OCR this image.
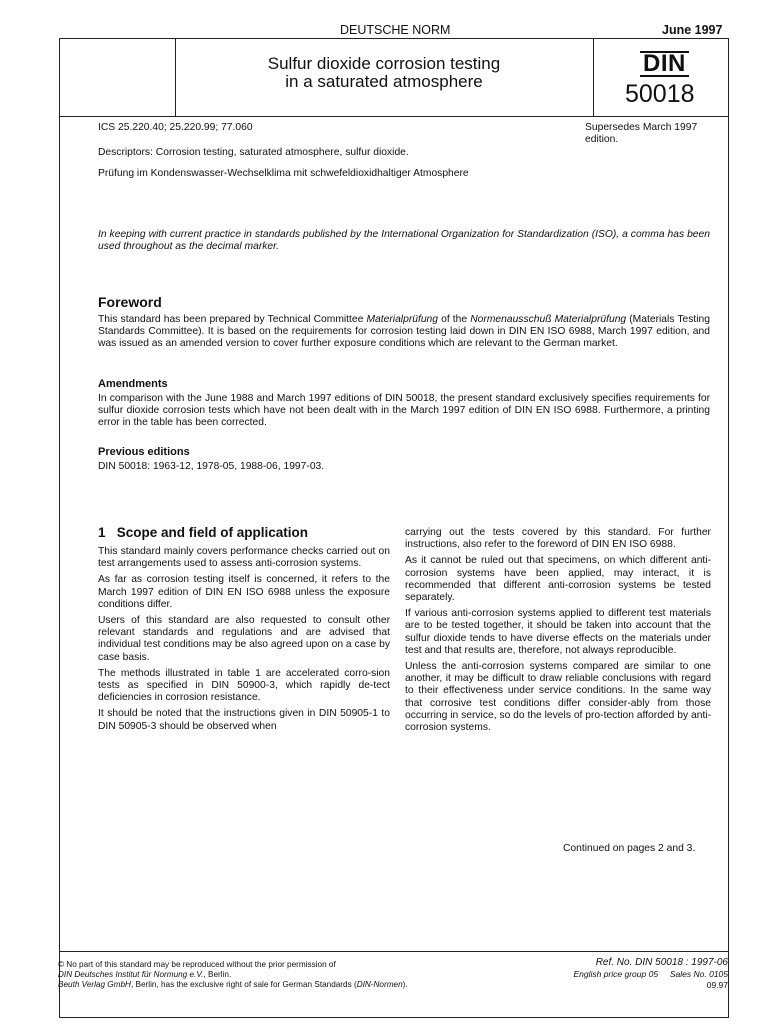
DEUTSCHE NORM	June 1997
Sulfur dioxide corrosion testing
in a saturated atmosphere
DIN
50018
ICS 25.220.40; 25.220.99; 77.060	Supersedes March 1997
edition.
Descriptors: Corrosion testing, saturated atmosphere, sulfur dioxide.
Prüfung im Kondenswasser-Wechselklima mit schwefeldioxidhaltiger Atmosphere
In keeping with current practice in standards published by the International Organization for Standardization (ISO), a comma has been used throughout as the decimal marker.
Foreword
This standard has been prepared by Technical Committee Materialprüfung of the Normenausschuß Materialprüfung (Materials Testing Standards Committee). It is based on the requirements for corrosion testing laid down in DIN EN ISO 6988, March 1997 edition, and was issued as an amended version to cover further exposure conditions which are relevant to the German market.
Amendments
In comparison with the June 1988 and March 1997 editions of DIN 50018, the present standard exclusively specifies requirements for sulfur dioxide corrosion tests which have not been dealt with in the March 1997 edition of DIN EN ISO 6988. Furthermore, a printing error in the table has been corrected.
Previous editions
DIN 50018: 1963-12, 1978-05, 1988-06, 1997-03.
1 Scope and field of application

This standard mainly covers performance checks carried out on test arrangements used to assess anti-corrosion systems.

As far as corrosion testing itself is concerned, it refers to the March 1997 edition of DIN EN ISO 6988 unless the exposure conditions differ.

Users of this standard are also requested to consult other relevant standards and regulations and are advised that individual test conditions may be also agreed upon on a case by case basis.

The methods illustrated in table 1 are accelerated corro-sion tests as specified in DIN 50900-3, which rapidly de-tect deficiencies in corrosion resistance.

It should be noted that the instructions given in DIN 50905-1 to DIN 50905-3 should be observed when

carrying out the tests covered by this standard. For further instructions, also refer to the foreword of DIN EN ISO 6988.

As it cannot be ruled out that specimens, on which different anti-corrosion systems have been applied, may interact, it is recommended that different anti-corrosion systems be tested separately.

If various anti-corrosion systems applied to different test materials are to be tested together, it should be taken into account that the sulfur dioxide tends to have diverse effects on the materials under test and that results are, therefore, not always reproducible.

Unless the anti-corrosion systems compared are similar to one another, it may be difficult to draw reliable conclusions with regard to their effectiveness under service conditions. In the same way that corrosive test conditions differ consider-ably from those occurring in service, so do the levels of pro-tection afforded by anti-corrosion systems.

Continued on pages 2 and 3.
© No part of this standard may be reproduced without the prior permission of
DIN Deutsches Institut für Normung e.V., Berlin.
Beuth Verlag GmbH, Berlin, has the exclusive right of sale for German Standards (DIN-Normen).
Ref. No. DIN 50018 : 1997-06
English price group 05 Sales No. 0105
09.97
